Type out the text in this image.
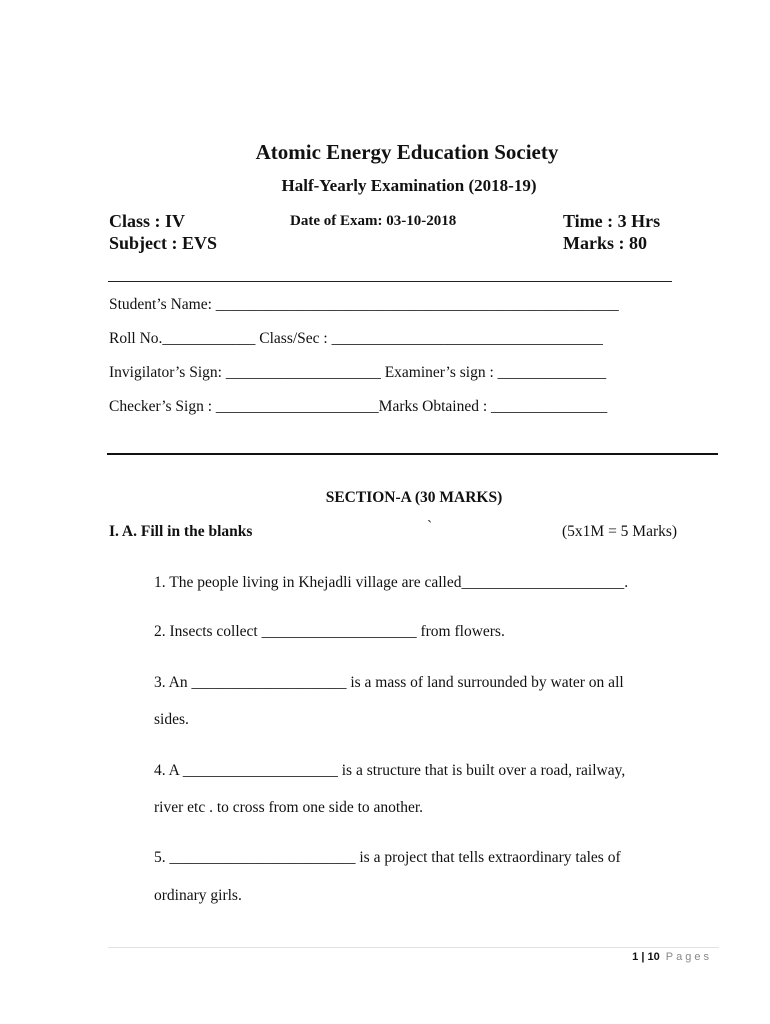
Atomic Energy Education Society
Half-Yearly Examination (2018-19)
Class : IV
Subject : EVS
Date of Exam: 03-10-2018	Time : 3 Hrs
Marks : 80
Student’s Name: ____________________________________________________
Roll No.____________ Class/Sec : ___________________________________
Invigilator’s Sign: ____________________ Examiner’s sign : ______________
Checker’s Sign : _____________________Marks Obtained : _______________
SECTION-A (30 MARKS)
I. A. Fill in the blanks	`	(5x1M = 5 Marks)
1. The people living in Khejadli village are called_____________________.
2. Insects collect ____________________ from flowers.
3. An ____________________ is a mass of land surrounded by water on all
sides.
4. A ____________________ is a structure that is built over a road, railway,
river etc . to cross from one side to another.
5. ________________________ is a project that tells extraordinary tales of
ordinary girls.
1 | 10 Pages
